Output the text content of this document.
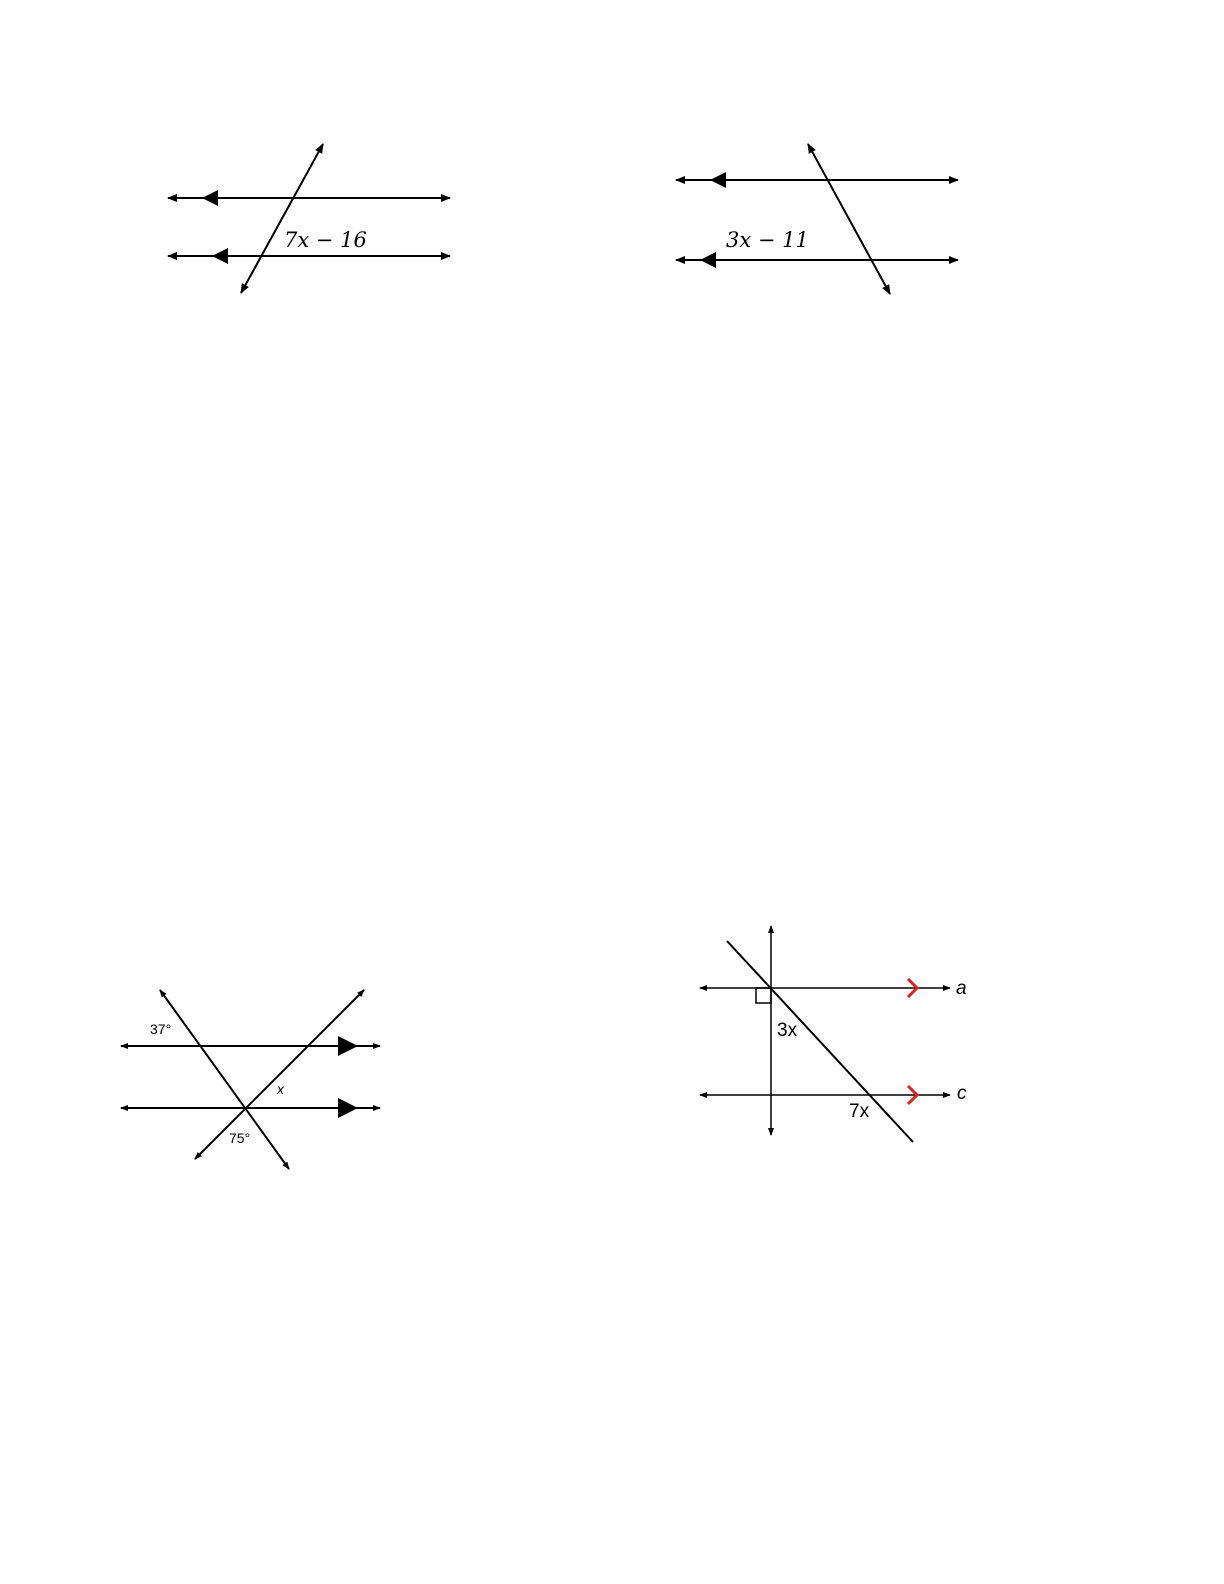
7x − 16	3x − 11
37°
x
75°
a
c
3x
7x
